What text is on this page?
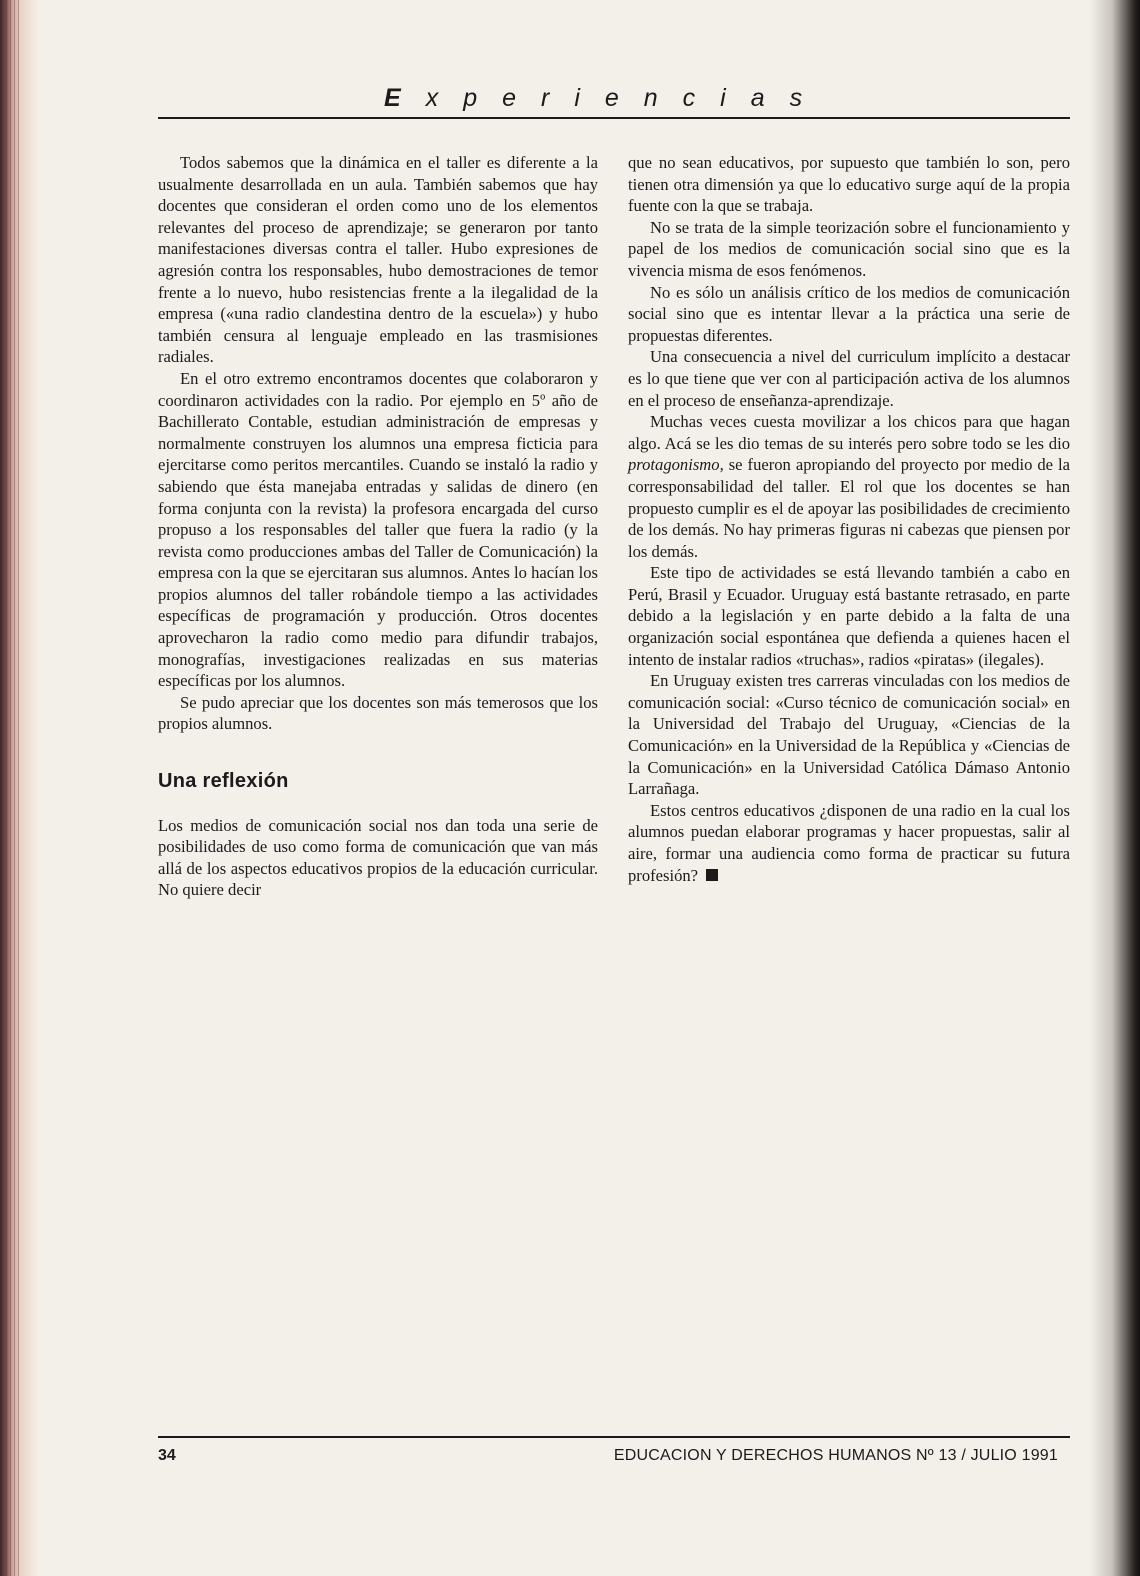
Experiencias

Todos sabemos que la dinámica en el taller es diferente a la usualmente desarrollada en un aula. También sabemos que hay docentes que consideran el orden como uno de los elementos relevantes del proceso de aprendizaje; se generaron por tanto manifestaciones diversas contra el taller. Hubo expresiones de agresión contra los responsables, hubo demostraciones de temor frente a lo nuevo, hubo resistencias frente a la ilegalidad de la empresa («una radio clandestina dentro de la escuela») y hubo también censura al lenguaje empleado en las trasmisiones radiales.

En el otro extremo encontramos docentes que colaboraron y coordinaron actividades con la radio. Por ejemplo en 5º año de Bachillerato Contable, estudian administración de empresas y normalmente construyen los alumnos una empresa ficticia para ejercitarse como peritos mercantiles. Cuando se instaló la radio y sabiendo que ésta manejaba entradas y salidas de dinero (en forma conjunta con la revista) la profesora encargada del curso propuso a los responsables del taller que fuera la radio (y la revista como producciones ambas del Taller de Comunicación) la empresa con la que se ejercitaran sus alumnos. Antes lo hacían los propios alumnos del taller robándole tiempo a las actividades específicas de programación y producción. Otros docentes aprovecharon la radio como medio para difundir trabajos, monografías, investigaciones realizadas en sus materias específicas por los alumnos.

Se pudo apreciar que los docentes son más temerosos que los propios alumnos.

Una reflexión

Los medios de comunicación social nos dan toda una serie de posibilidades de uso como forma de comunicación que van más allá de los aspectos educativos propios de la educación curricular. No quiere decir

que no sean educativos, por supuesto que también lo son, pero tienen otra dimensión ya que lo educativo surge aquí de la propia fuente con la que se trabaja.

No se trata de la simple teorización sobre el funcionamiento y papel de los medios de comunicación social sino que es la vivencia misma de esos fenómenos.

No es sólo un análisis crítico de los medios de comunicación social sino que es intentar llevar a la práctica una serie de propuestas diferentes.

Una consecuencia a nivel del curriculum implícito a destacar es lo que tiene que ver con al participación activa de los alumnos en el proceso de enseñanza-aprendizaje.

Muchas veces cuesta movilizar a los chicos para que hagan algo. Acá se les dio temas de su interés pero sobre todo se les dio protagonismo, se fueron apropiando del proyecto por medio de la corresponsabilidad del taller. El rol que los docentes se han propuesto cumplir es el de apoyar las posibilidades de crecimiento de los demás. No hay primeras figuras ni cabezas que piensen por los demás.

Este tipo de actividades se está llevando también a cabo en Perú, Brasil y Ecuador. Uruguay está bastante retrasado, en parte debido a la legislación y en parte debido a la falta de una organización social espontánea que defienda a quienes hacen el intento de instalar radios «truchas», radios «piratas» (ilegales).

En Uruguay existen tres carreras vinculadas con los medios de comunicación social: «Curso técnico de comunicación social» en la Universidad del Trabajo del Uruguay, «Ciencias de la Comunicación» en la Universidad de la República y «Ciencias de la Comunicación» en la Universidad Católica Dámaso Antonio Larrañaga.

Estos centros educativos ¿disponen de una radio en la cual los alumnos puedan elaborar programas y hacer propuestas, salir al aire, formar una audiencia como forma de practicar su futura profesión?

34	EDUCACION Y DERECHOS HUMANOS Nº 13 / JULIO 1991
